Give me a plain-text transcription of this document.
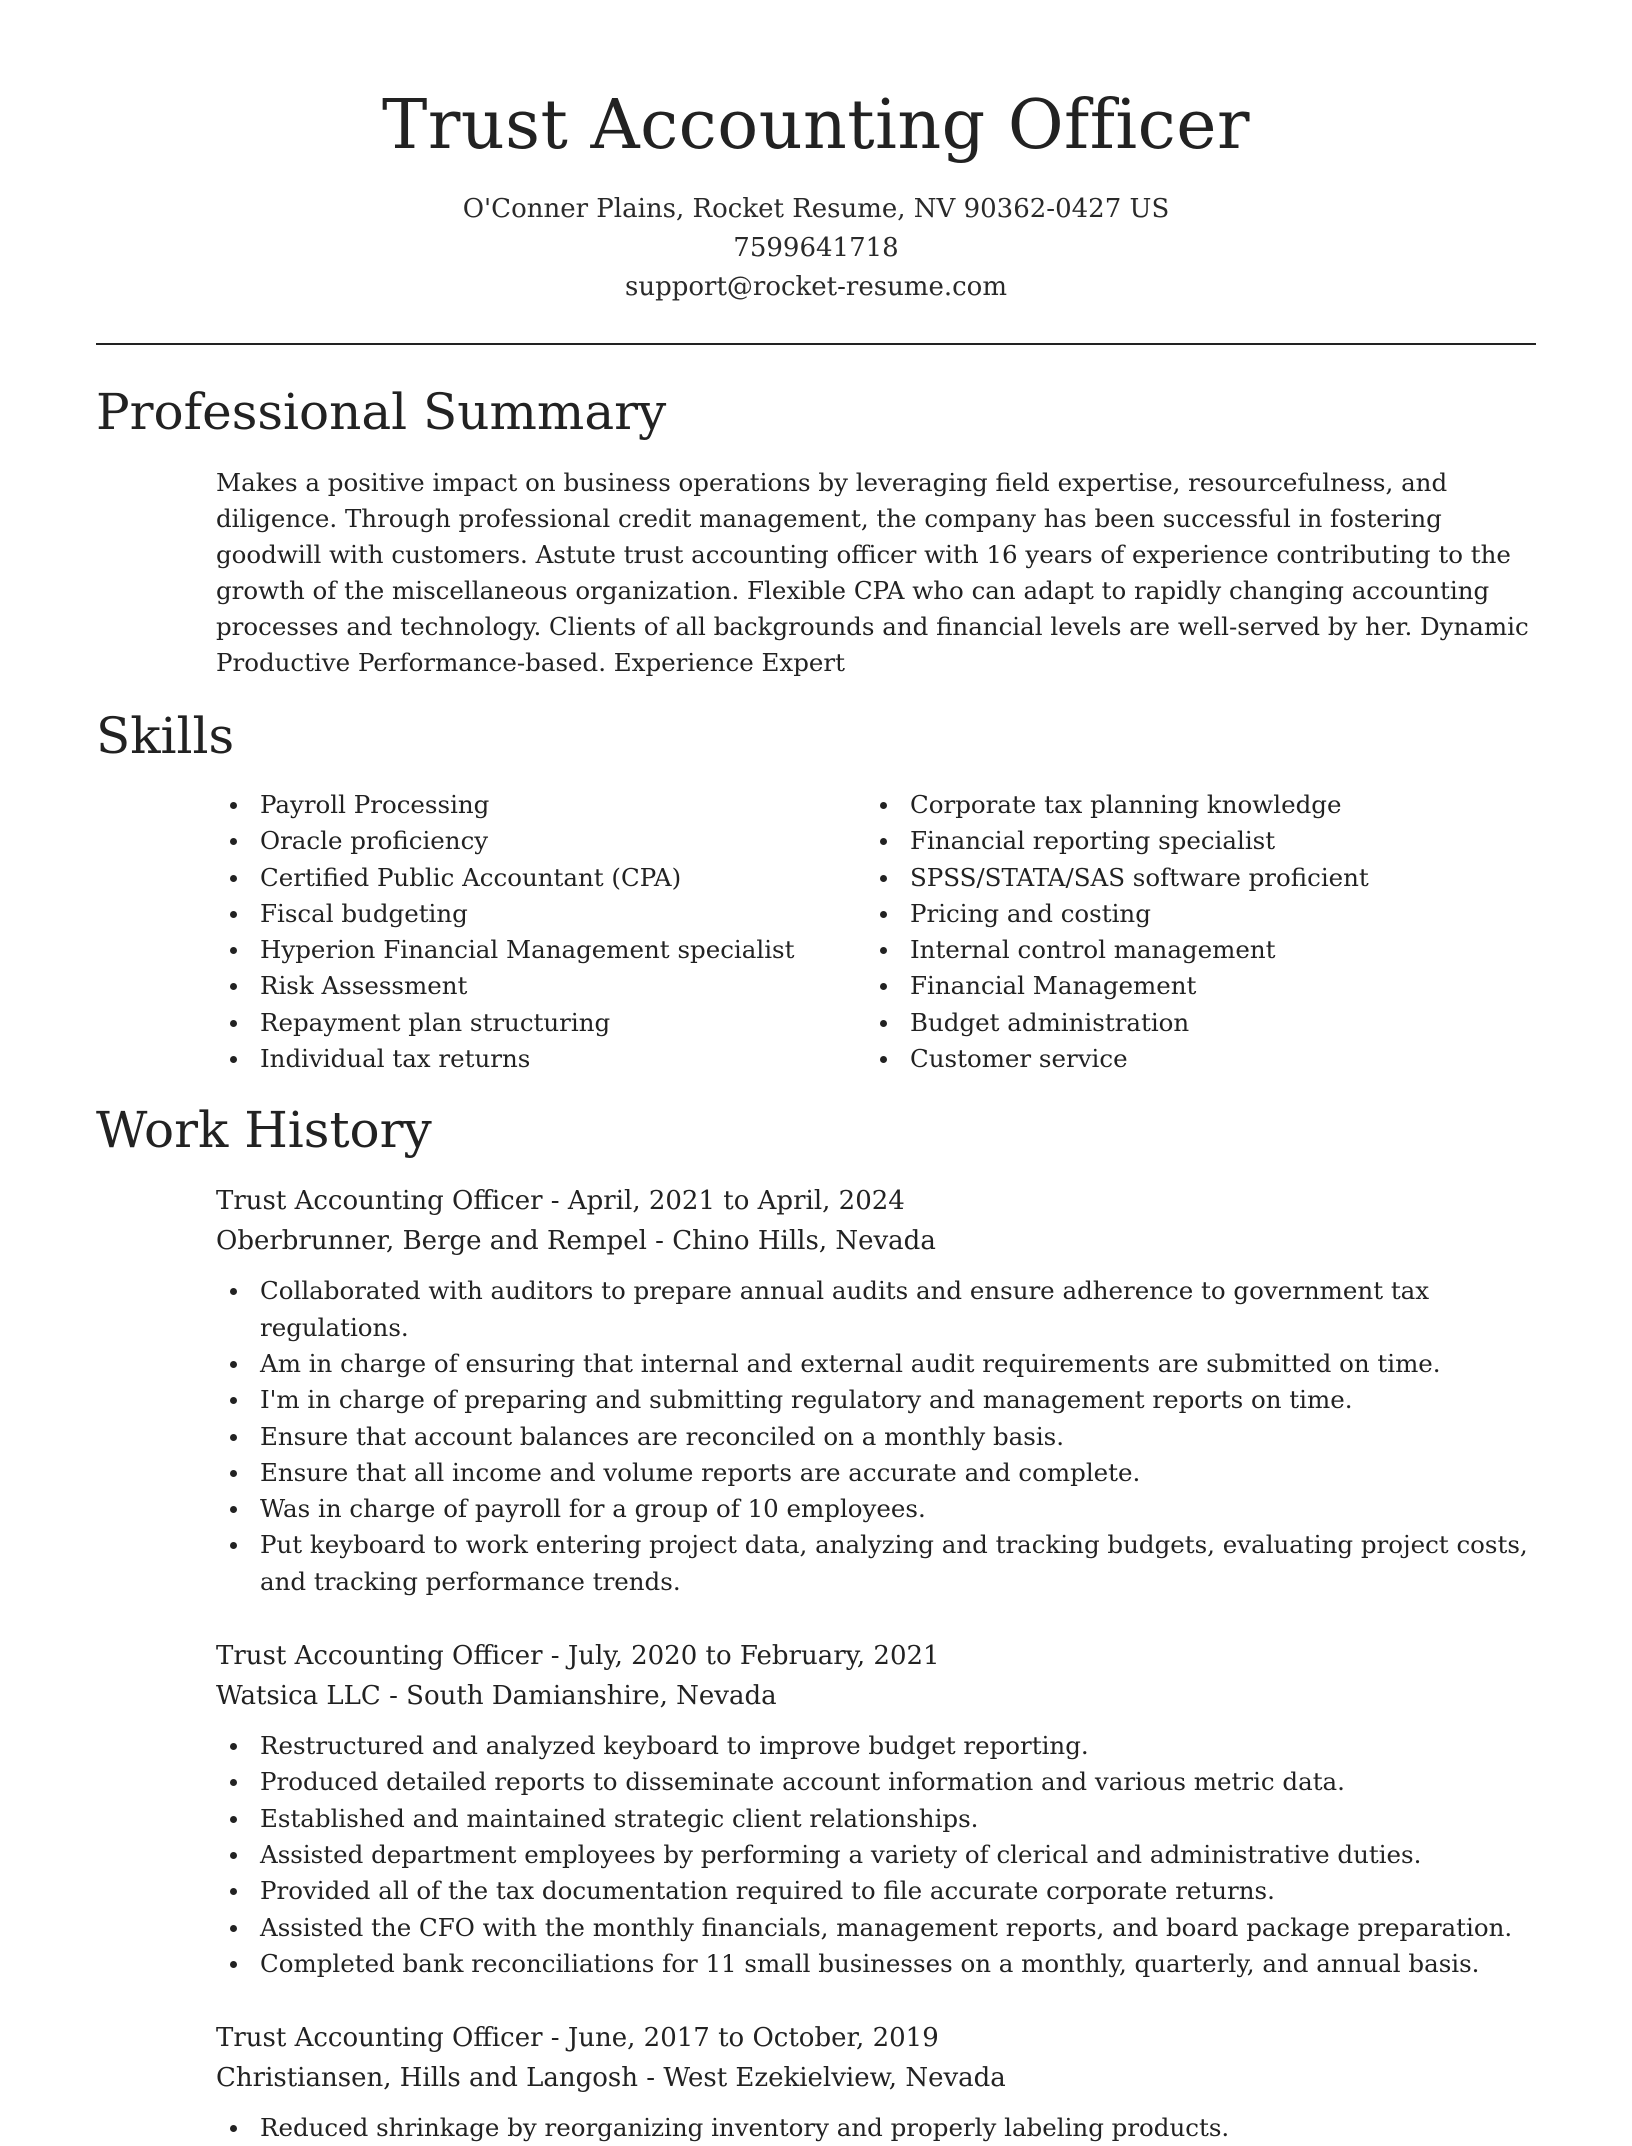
Trust Accounting Officer
O'Conner Plains, Rocket Resume, NV 90362-0427 US
7599641718
support@rocket-resume.com
Professional Summary

Makes a positive impact on business operations by leveraging field expertise, resourcefulness, and diligence. Through professional credit management, the company has been successful in fostering goodwill with customers. Astute trust accounting officer with 16 years of experience contributing to the growth of the miscellaneous organization. Flexible CPA who can adapt to rapidly changing accounting processes and technology. Clients of all backgrounds and financial levels are well-served by her. Dynamic Productive Performance-based. Experience Expert

Skills
Payroll Processing
Oracle proficiency
Certified Public Accountant (CPA)
Fiscal budgeting
Hyperion Financial Management specialist
Risk Assessment
Repayment plan structuring
Individual tax returns
Corporate tax planning knowledge
Financial reporting specialist
SPSS/STATA/SAS software proficient
Pricing and costing
Internal control management
Financial Management
Budget administration
Customer service
Work History
Trust Accounting Officer - April, 2021 to April, 2024
Oberbrunner, Berge and Rempel - Chino Hills, Nevada
Collaborated with auditors to prepare annual audits and ensure adherence to government tax regulations.
Am in charge of ensuring that internal and external audit requirements are submitted on time.
I'm in charge of preparing and submitting regulatory and management reports on time.
Ensure that account balances are reconciled on a monthly basis.
Ensure that all income and volume reports are accurate and complete.
Was in charge of payroll for a group of 10 employees.
Put keyboard to work entering project data, analyzing and tracking budgets, evaluating project costs, and tracking performance trends.
Trust Accounting Officer - July, 2020 to February, 2021
Watsica LLC - South Damianshire, Nevada
Restructured and analyzed keyboard to improve budget reporting.
Produced detailed reports to disseminate account information and various metric data.
Established and maintained strategic client relationships.
Assisted department employees by performing a variety of clerical and administrative duties.
Provided all of the tax documentation required to file accurate corporate returns.
Assisted the CFO with the monthly financials, management reports, and board package preparation.
Completed bank reconciliations for 11 small businesses on a monthly, quarterly, and annual basis.
Trust Accounting Officer - June, 2017 to October, 2019
Christiansen, Hills and Langosh - West Ezekielview, Nevada
Reduced shrinkage by reorganizing inventory and properly labeling products.
